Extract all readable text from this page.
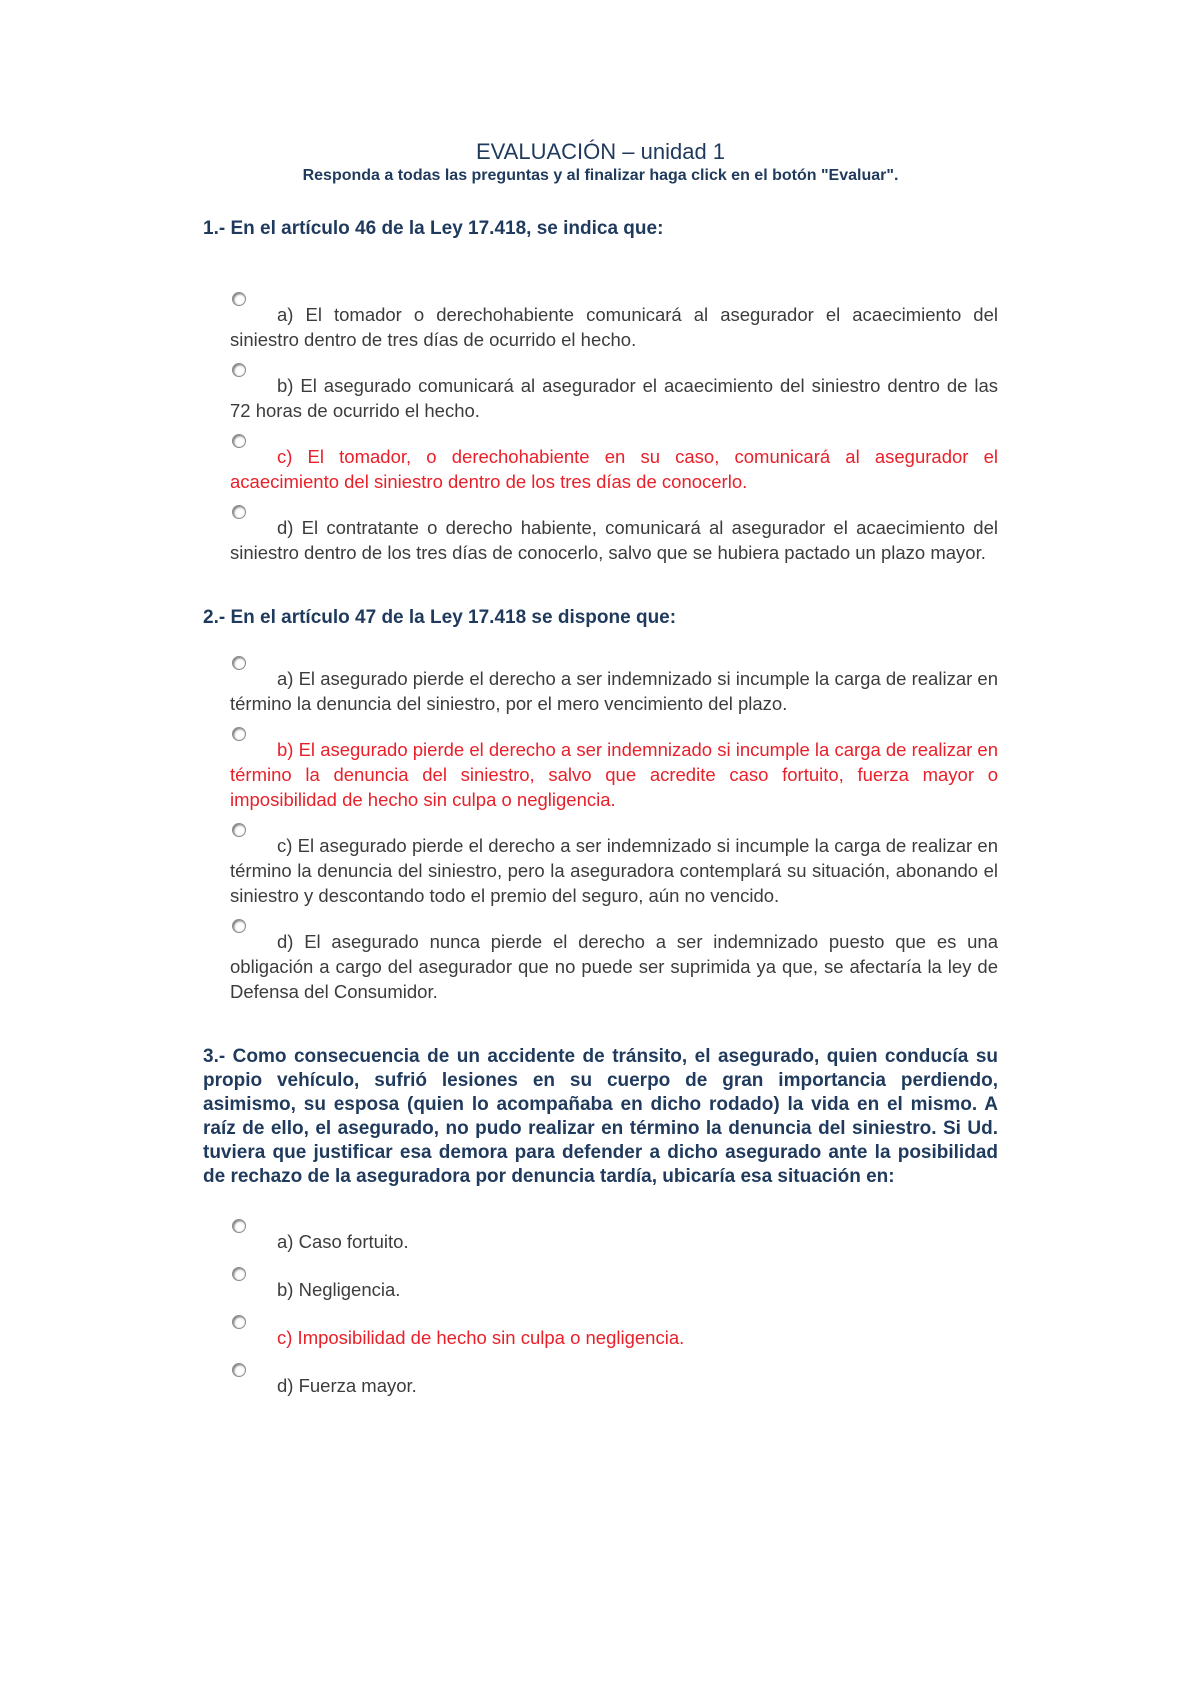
EVALUACIÓN – unidad 1

Responda a todas las preguntas y al finalizar haga click en el botón "Evaluar".

1.- En el artículo 46 de la Ley 17.418, se indica que:

a) El tomador o derechohabiente comunicará al asegurador el acaecimiento del siniestro dentro de tres días de ocurrido el hecho.
b) El asegurado comunicará al asegurador el acaecimiento del siniestro dentro de las 72 horas de ocurrido el hecho.
c) El tomador, o derechohabiente en su caso, comunicará al asegurador el acaecimiento del siniestro dentro de los tres días de conocerlo.
d) El contratante o derecho habiente, comunicará al asegurador el acaecimiento del siniestro dentro de los tres días de conocerlo, salvo que se hubiera pactado un plazo mayor.

2.- En el artículo 47 de la Ley 17.418 se dispone que:

a) El asegurado pierde el derecho a ser indemnizado si incumple la carga de realizar en término la denuncia del siniestro, por el mero vencimiento del plazo.
b) El asegurado pierde el derecho a ser indemnizado si incumple la carga de realizar en término la denuncia del siniestro, salvo que acredite caso fortuito, fuerza mayor o imposibilidad de hecho sin culpa o negligencia.
c) El asegurado pierde el derecho a ser indemnizado si incumple la carga de realizar en término la denuncia del siniestro, pero la aseguradora contemplará su situación, abonando el siniestro y descontando todo el premio del seguro, aún no vencido.
d) El asegurado nunca pierde el derecho a ser indemnizado puesto que es una obligación a cargo del asegurador que no puede ser suprimida ya que, se afectaría la ley de Defensa del Consumidor.

3.- Como consecuencia de un accidente de tránsito, el asegurado, quien conducía su propio vehículo, sufrió lesiones en su cuerpo de gran importancia perdiendo, asimismo, su esposa (quien lo acompañaba en dicho rodado) la vida en el mismo. A raíz de ello, el asegurado, no pudo realizar en término la denuncia del siniestro. Si Ud. tuviera que justificar esa demora para defender a dicho asegurado ante la posibilidad de rechazo de la aseguradora por denuncia tardía, ubicaría esa situación en:

a) Caso fortuito.
b) Negligencia.
c) Imposibilidad de hecho sin culpa o negligencia.
d) Fuerza mayor.
